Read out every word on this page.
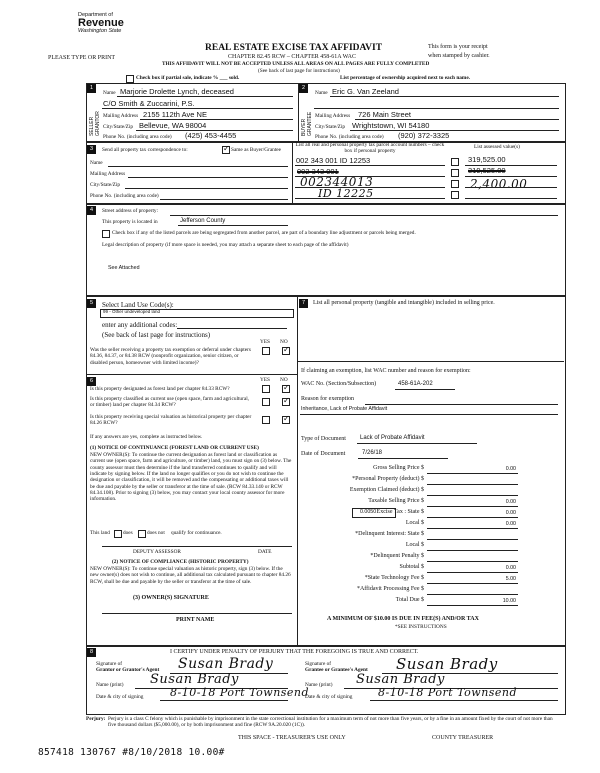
Department of
Revenue
Washington State
PLEASE TYPE OR PRINT
REAL ESTATE EXCISE TAX AFFIDAVIT
CHAPTER 82.45 RCW – CHAPTER 458-61A WAC
THIS AFFIDAVIT WILL NOT BE ACCEPTED UNLESS ALL AREAS ON ALL PAGES ARE FULLY COMPLETED
(See back of last page for instructions)
This form is your receipt
when stamped by cashier.
Check box if partial sale, indicate % ___ sold.	List percentage of ownership acquired next to each name.
1	2
SELLER GRANTOR	BUYER GRANTEE
Name Marjorie Drolette Lynch, deceased
C/O Smith & Zuccarini, P.S.
Mailing Address 2155 112th Ave NE
City/State/Zip Bellevue, WA 98004
Phone No. (including area code) (425) 453-4455
Name Eric G. Van Zeeland
Mailing Address 726 Main Street
City/State/Zip Wrightstown, WI 54180
Phone No. (including area code) (920) 372-3325
3	Send all property tax correspondence to:
✓	Same as Buyer/Grantee
Name
Mailing Address
City/State/Zip
Phone No. (including area code)
List all real and personal property tax parcel account numbers – check box if personal property
List assessed value(s)
002 343 001 ID 12253	319,525.00
002 343 001	319,525.00
002344013	2,400.00
ID 12225
4	Street address of property:
This property is located in	Jefferson County
Check box if any of the listed parcels are being segregated from another parcel, are part of a boundary line adjustment or parcels being merged.
Legal description of property (if more space is needed, you may attach a separate sheet to each page of the affidavit)
See Attached
5	Select Land Use Code(s):
99 - Other undeveloped land
enter any additional codes:
(See back of last page for instructions)
YES NO
Was the seller receiving a property tax exemption or deferral under chapters 84.36, 84.37, or 84.38 RCW (nonprofit organization, senior citizen, or disabled person, homeowner with limited income)?
✓
6	YES NO
Is this property designated as forest land per chapter 84.33 RCW?
✓
Is this property classified as current use (open space, farm and agricultural, or timber) land per chapter 84.34 RCW?
✓
Is this property receiving special valuation as historical property per chapter 84.26 RCW?
✓
If any answers are yes, complete as instructed below.
(1) NOTICE OF CONTINUANCE (FOREST LAND OR CURRENT USE)
NEW OWNER(S): To continue the current designation as forest land or classification as current use (open space, farm and agriculture, or timber) land, you must sign on (3) below. The county assessor must then determine if the land transferred continues to qualify and will indicate by signing below. If the land no longer qualifies or you do not wish to continue the designation or classification, it will be removed and the compensating or additional taxes will be due and payable by the seller or transferor at the time of sale. (RCW 84.33.140 or RCW 84.34.108). Prior to signing (3) below, you may contact your local county assessor for more information.
This land does	does not qualify for continuance.
DEPUTY ASSESSOR	DATE
(2) NOTICE OF COMPLIANCE (HISTORIC PROPERTY)
NEW OWNER(S): To continue special valuation as historic property, sign (3) below. If the new owner(s) does not wish to continue, all additional tax calculated pursuant to chapter 84.26 RCW, shall be due and payable by the seller or transferor at the time of sale.
(3) OWNER(S) SIGNATURE
PRINT NAME
7	List all personal property (tangible and intangible) included in selling price.
If claiming an exemption, list WAC number and reason for exemption:
WAC No. (Section/Subsection)	458-61A-202
Reason for exemption
Inheritance, Lack of Probate Affidavit
Type of Document Lack of Probate Affidavit
Date of Document	7/26/18
Gross Selling Price $	0.00
*Personal Property (deduct) $
Exemption Claimed (deduct) $
Taxable Selling Price $	0.00
Excise Tax : State $	0.00
Local $	0.00
*Delinquent Interest: State $
Local $
*Delinquent Penalty $
Subtotal $	0.00
*State Technology Fee $	5.00
*Affidavit Processing Fee $
Total Due $	10.00
0.0050
A MINIMUM OF $10.00 IS DUE IN FEE(S) AND/OR TAX
*SEE INSTRUCTIONS
8	I CERTIFY UNDER PENALTY OF PERJURY THAT THE FOREGOING IS TRUE AND CORRECT.
Signature of
Grantor or Grantor's Agent Susan Brady
Name (print) Susan Brady
Date & city of signing 8-10-18 Port Townsend
Signature of
Grantee or Grantee's Agent Susan Brady
Name (print) Susan Brady
Date & city of signing 8-10-18 Port Townsend
Perjury: Perjury is a class C felony which is punishable by imprisonment in the state correctional institution for a maximum term of not more than five years, or by a fine in an amount fixed by the court of not more than five thousand dollars ($5,000.00), or by both imprisonment and fine (RCW 9A.20.020 (1C)).
THIS SPACE - TREASURER'S USE ONLY	COUNTY TREASURER
857418 130767 #8/10/2018 10.00#
